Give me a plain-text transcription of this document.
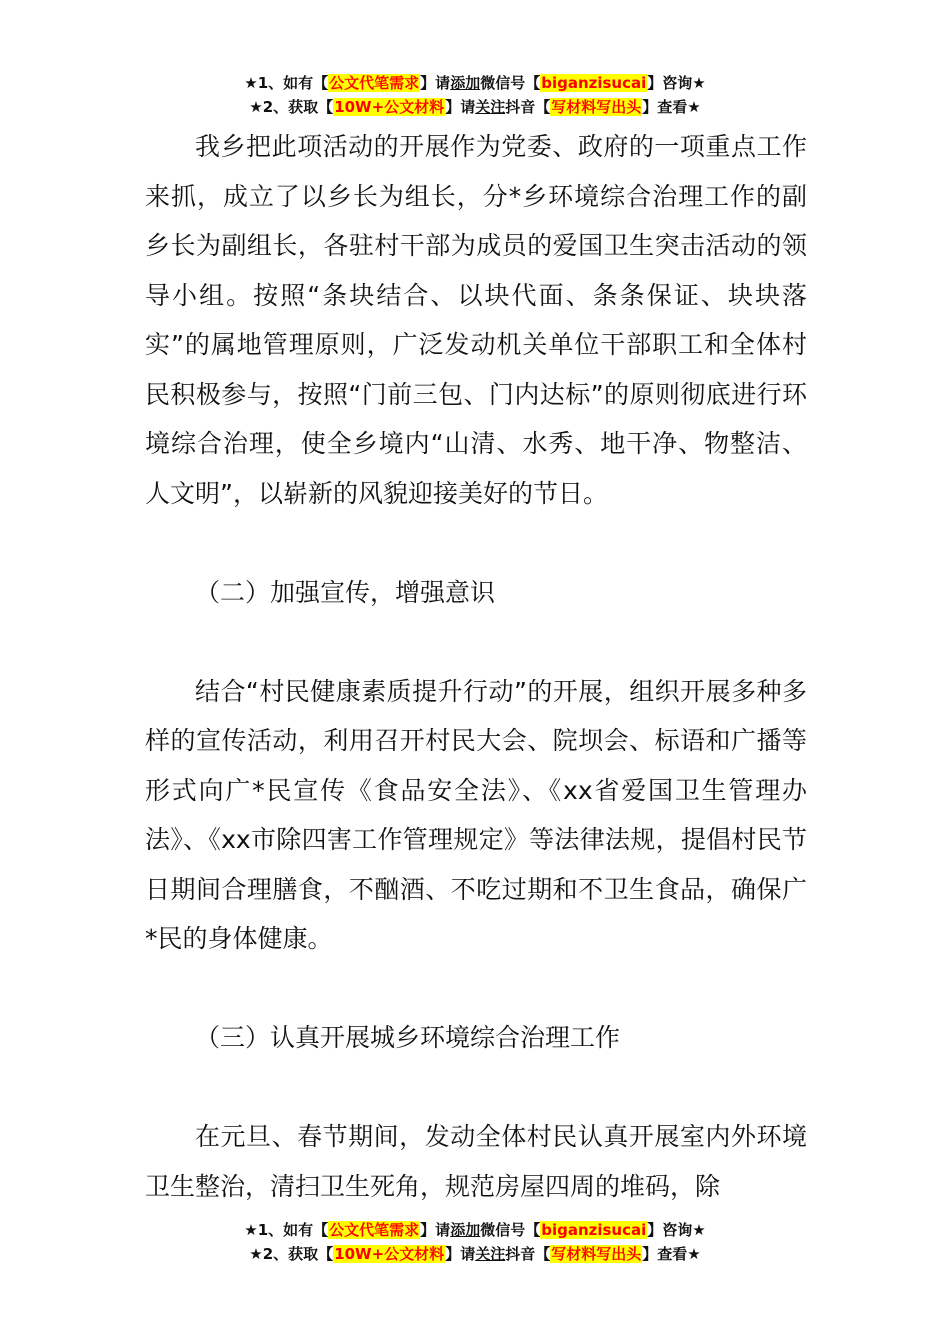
★1、如有【公文代笔需求】请添加微信号【biganzisucai】咨询★
★2、获取【10W+公文材料】请关注抖音【写材料写出头】查看★

我乡把此项活动的开展作为党委、政府的一项重点工作来抓，成立了以乡长为组长，分*乡环境综合治理工作的副乡长为副组长，各驻村干部为成员的爱国卫生突击活动的领导小组。按照“条块结合、以块代面、条条保证、块块落实”的属地管理原则，广泛发动机关单位干部职工和全体村民积极参与，按照“门前三包、门内达标”的原则彻底进行环境综合治理，使全乡境内“山清、水秀、地干净、物整洁、人文明”，以崭新的风貌迎接美好的节日。

（二）加强宣传，增强意识

结合“村民健康素质提升行动”的开展，组织开展多种多样的宣传活动，利用召开村民大会、院坝会、标语和广播等形式向广*民宣传《食品安全法》、《xx省爱国卫生管理办法》、《xx市除四害工作管理规定》等法律法规，提倡村民节日期间合理膳食，不酗酒、不吃过期和不卫生食品，确保广*民的身体健康。

（三）认真开展城乡环境综合治理工作

在元旦、春节期间，发动全体村民认真开展室内外环境卫生整治，清扫卫生死角，规范房屋四周的堆码，除

★1、如有【公文代笔需求】请添加微信号【biganzisucai】咨询★
★2、获取【10W+公文材料】请关注抖音【写材料写出头】查看★
